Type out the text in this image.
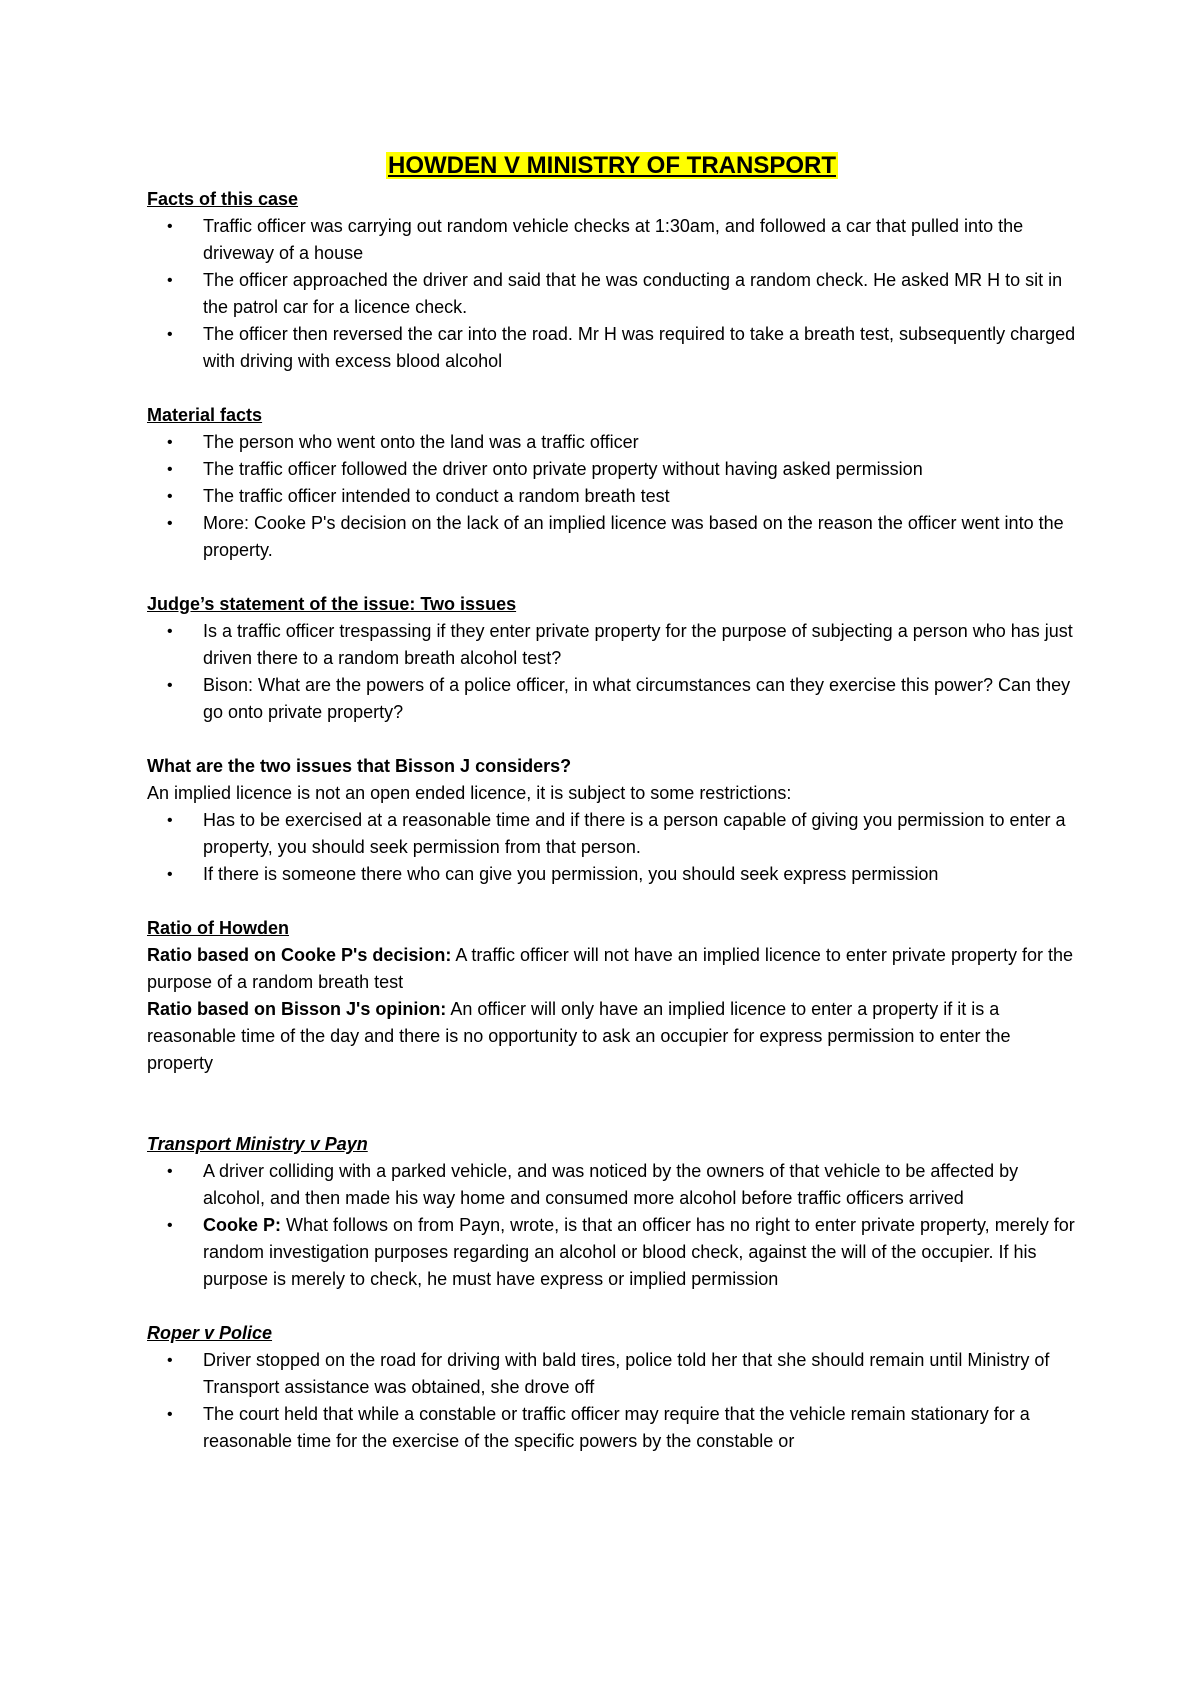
HOWDEN V MINISTRY OF TRANSPORT

Facts of this case

• Traffic officer was carrying out random vehicle checks at 1:30am, and followed a car that pulled into the driveway of a house
• The officer approached the driver and said that he was conducting a random check. He asked MR H to sit in the patrol car for a licence check.
• The officer then reversed the car into the road. Mr H was required to take a breath test, subsequently charged with driving with excess blood alcohol

Material facts

• The person who went onto the land was a traffic officer
• The traffic officer followed the driver onto private property without having asked permission
• The traffic officer intended to conduct a random breath test
• More: Cooke P's decision on the lack of an implied licence was based on the reason the officer went into the property.

Judge’s statement of the issue: Two issues

• Is a traffic officer trespassing if they enter private property for the purpose of subjecting a person who has just driven there to a random breath alcohol test?
• Bison: What are the powers of a police officer, in what circumstances can they exercise this power? Can they go onto private property?

What are the two issues that Bisson J considers?

An implied licence is not an open ended licence, it is subject to some restrictions:

• Has to be exercised at a reasonable time and if there is a person capable of giving you permission to enter a property, you should seek permission from that person.
• If there is someone there who can give you permission, you should seek express permission

Ratio of Howden

Ratio based on Cooke P's decision: A traffic officer will not have an implied licence to enter private property for the purpose of a random breath test

Ratio based on Bisson J's opinion: An officer will only have an implied licence to enter a property if it is a reasonable time of the day and there is no opportunity to ask an occupier for express permission to enter the property

Transport Ministry v Payn

• A driver colliding with a parked vehicle, and was noticed by the owners of that vehicle to be affected by alcohol, and then made his way home and consumed more alcohol before traffic officers arrived
• Cooke P: What follows on from Payn, wrote, is that an officer has no right to enter private property, merely for random investigation purposes regarding an alcohol or blood check, against the will of the occupier. If his purpose is merely to check, he must have express or implied permission

Roper v Police

• Driver stopped on the road for driving with bald tires, police told her that she should remain until Ministry of Transport assistance was obtained, she drove off
• The court held that while a constable or traffic officer may require that the vehicle remain stationary for a reasonable time for the exercise of the specific powers by the constable or
